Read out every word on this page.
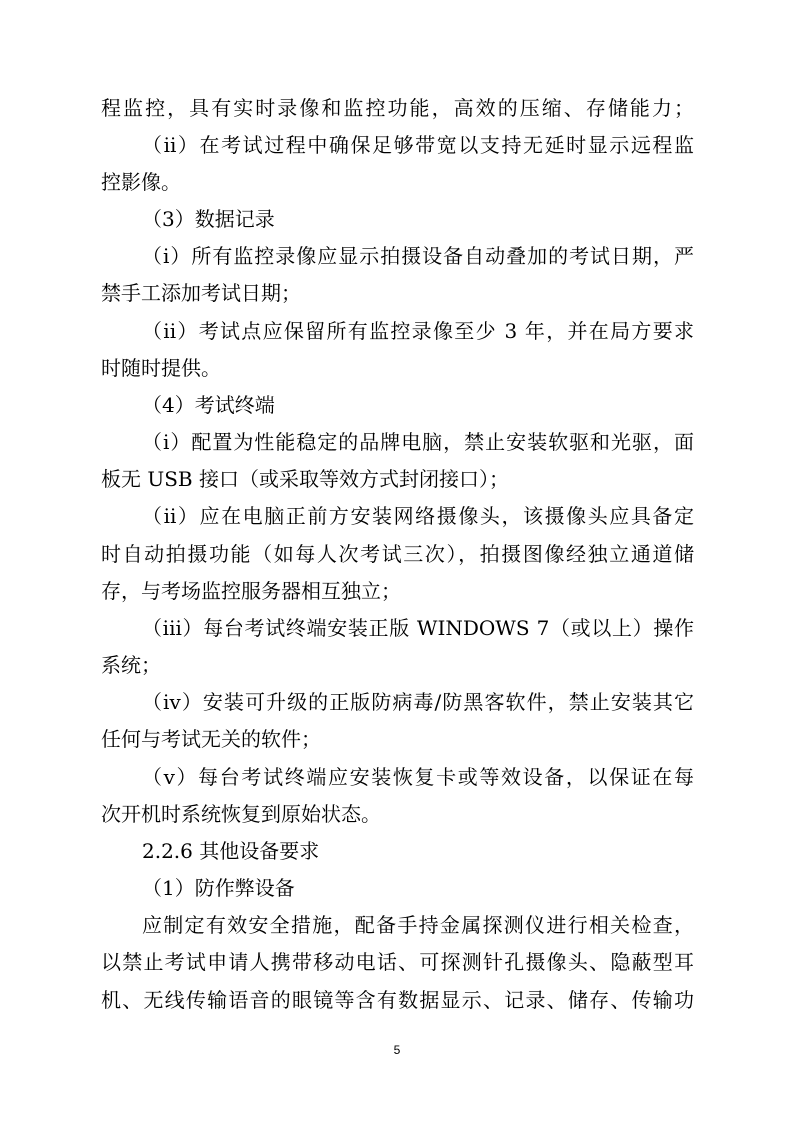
程监控，具有实时录像和监控功能，高效的压缩、存储能力；
（ii）在考试过程中确保足够带宽以支持无延时显示远程监
控影像。
（3）数据记录
（i）所有监控录像应显示拍摄设备自动叠加的考试日期，严
禁手工添加考试日期；
（ii）考试点应保留所有监控录像至少 3 年，并在局方要求
时随时提供。
（4）考试终端
（i）配置为性能稳定的品牌电脑，禁止安装软驱和光驱，面
板无 USB 接口（或采取等效方式封闭接口）；
（ii）应在电脑正前方安装网络摄像头，该摄像头应具备定
时自动拍摄功能（如每人次考试三次），拍摄图像经独立通道储
存，与考场监控服务器相互独立；
（iii）每台考试终端安装正版 WINDOWS 7（或以上）操作
系统；
（iv）安装可升级的正版防病毒/防黑客软件，禁止安装其它
任何与考试无关的软件；
（v）每台考试终端应安装恢复卡或等效设备，以保证在每
次开机时系统恢复到原始状态。
2.2.6 其他设备要求
（1）防作弊设备
应制定有效安全措施，配备手持金属探测仪进行相关检查，
以禁止考试申请人携带移动电话、可探测针孔摄像头、隐蔽型耳
机、无线传输语音的眼镜等含有数据显示、记录、储存、传输功
5
